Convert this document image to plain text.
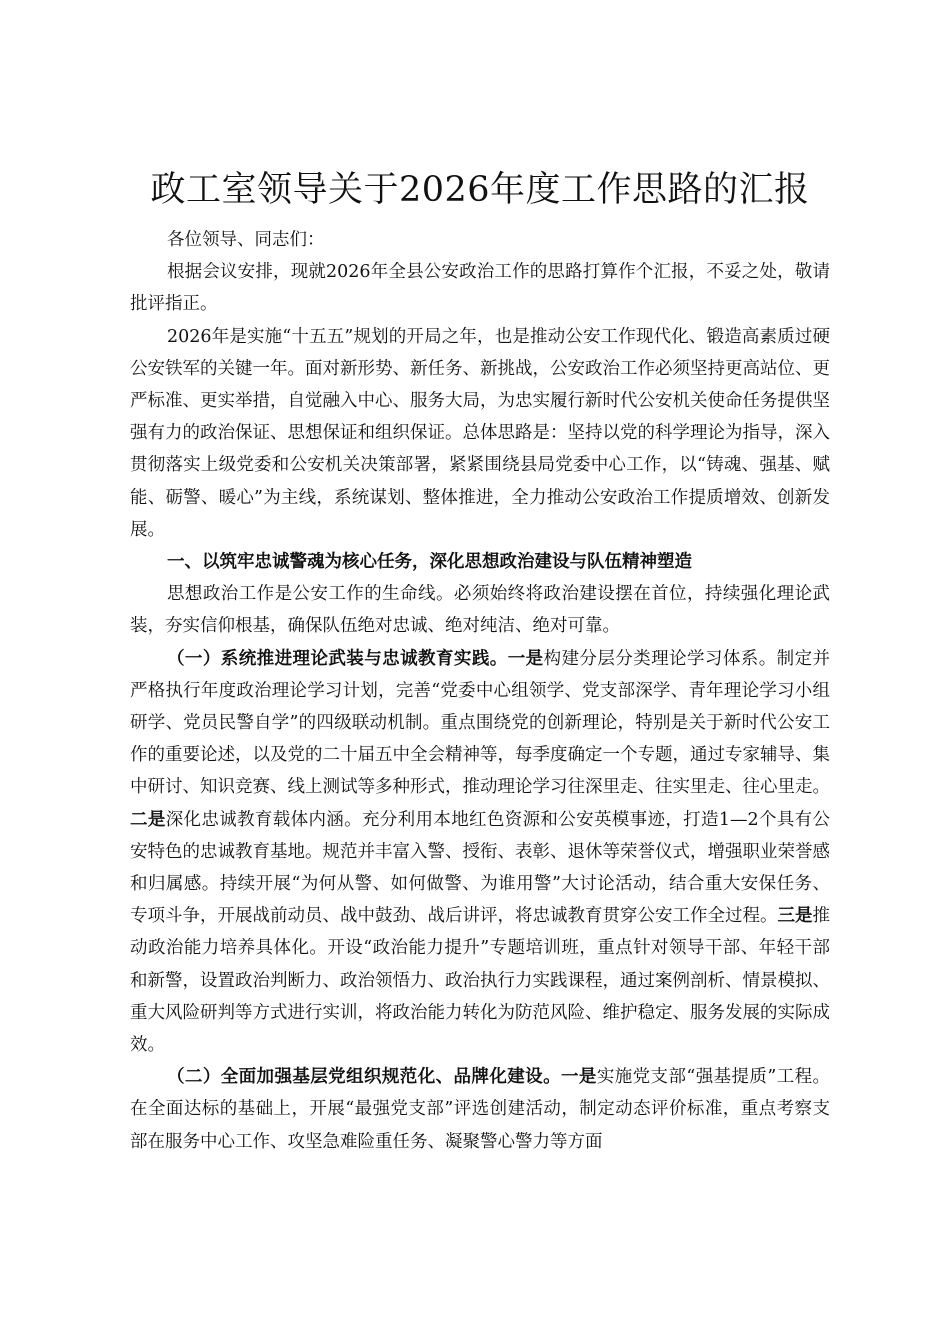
政工室领导关于2026年度工作思路的汇报

各位领导、同志们：

根据会议安排，现就2026年全县公安政治工作的思路打算作个汇报，不妥之处，敬请批评指正。

2026年是实施“十五五”规划的开局之年，也是推动公安工作现代化、锻造高素质过硬公安铁军的关键一年。面对新形势、新任务、新挑战，公安政治工作必须坚持更高站位、更严标准、更实举措，自觉融入中心、服务大局，为忠实履行新时代公安机关使命任务提供坚强有力的政治保证、思想保证和组织保证。总体思路是：坚持以党的科学理论为指导，深入贯彻落实上级党委和公安机关决策部署，紧紧围绕县局党委中心工作，以“铸魂、强基、赋能、砺警、暖心”为主线，系统谋划、整体推进，全力推动公安政治工作提质增效、创新发展。

一、以筑牢忠诚警魂为核心任务，深化思想政治建设与队伍精神塑造

思想政治工作是公安工作的生命线。必须始终将政治建设摆在首位，持续强化理论武装，夯实信仰根基，确保队伍绝对忠诚、绝对纯洁、绝对可靠。

（一）系统推进理论武装与忠诚教育实践。一是构建分层分类理论学习体系。制定并严格执行年度政治理论学习计划，完善“党委中心组领学、党支部深学、青年理论学习小组研学、党员民警自学”的四级联动机制。重点围绕党的创新理论，特别是关于新时代公安工作的重要论述，以及党的二十届五中全会精神等，每季度确定一个专题，通过专家辅导、集中研讨、知识竞赛、线上测试等多种形式，推动理论学习往深里走、往实里走、往心里走。二是深化忠诚教育载体内涵。充分利用本地红色资源和公安英模事迹，打造1—2个具有公安特色的忠诚教育基地。规范并丰富入警、授衔、表彰、退休等荣誉仪式，增强职业荣誉感和归属感。持续开展“为何从警、如何做警、为谁用警”大讨论活动，结合重大安保任务、专项斗争，开展战前动员、战中鼓劲、战后讲评，将忠诚教育贯穿公安工作全过程。三是推动政治能力培养具体化。开设“政治能力提升”专题培训班，重点针对领导干部、年轻干部和新警，设置政治判断力、政治领悟力、政治执行力实践课程，通过案例剖析、情景模拟、重大风险研判等方式进行实训，将政治能力转化为防范风险、维护稳定、服务发展的实际成效。

（二）全面加强基层党组织规范化、品牌化建设。一是实施党支部“强基提质”工程。在全面达标的基础上，开展“最强党支部”评选创建活动，制定动态评价标准，重点考察支部在服务中心工作、攻坚急难险重任务、凝聚警心警力等方面
